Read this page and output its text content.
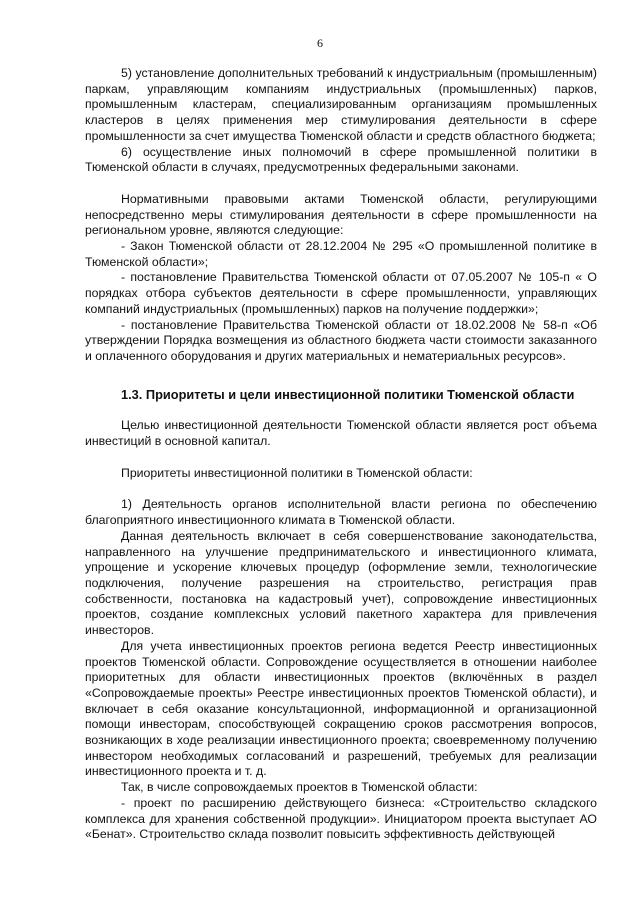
6

5) установление дополнительных требований к индустриальным (промышленным) паркам, управляющим компаниям индустриальных (промышленных) парков, промышленным кластерам, специализированным организациям промышленных кластеров в целях применения мер стимулирования деятельности в сфере промышленности за счет имущества Тюменской области и средств областного бюджета;

6) осуществление иных полномочий в сфере промышленной политики в Тюменской области в случаях, предусмотренных федеральными законами.

Нормативными правовыми актами Тюменской области, регулирующими непосредственно меры стимулирования деятельности в сфере промышленности на региональном уровне, являются следующие:

- Закон Тюменской области от 28.12.2004 № 295 «О промышленной политике в Тюменской области»;

- постановление Правительства Тюменской области от 07.05.2007 № 105-п « О порядках отбора субъектов деятельности в сфере промышленности, управляющих компаний индустриальных (промышленных) парков на получение поддержки»;

- постановление Правительства Тюменской области от 18.02.2008 № 58-п «Об утверждении Порядка возмещения из областного бюджета части стоимости заказанного и оплаченного оборудования и других материальных и нематериальных ресурсов».

1.3. Приоритеты и цели инвестиционной политики Тюменской области

Целью инвестиционной деятельности Тюменской области является рост объема инвестиций в основной капитал.

Приоритеты инвестиционной политики в Тюменской области:

1) Деятельность органов исполнительной власти региона по обеспечению благоприятного инвестиционного климата в Тюменской области.

Данная деятельность включает в себя совершенствование законодательства, направленного на улучшение предпринимательского и инвестиционного климата, упрощение и ускорение ключевых процедур (оформление земли, технологические подключения, получение разрешения на строительство, регистрация прав собственности, постановка на кадастровый учет), сопровождение инвестиционных проектов, создание комплексных условий пакетного характера для привлечения инвесторов.

Для учета инвестиционных проектов региона ведется Реестр инвестиционных проектов Тюменской области. Сопровождение осуществляется в отношении наиболее приоритетных для области инвестиционных проектов (включённых в раздел «Сопровождаемые проекты» Реестре инвестиционных проектов Тюменской области), и включает в себя оказание консультационной, информационной и организационной помощи инвесторам, способствующей сокращению сроков рассмотрения вопросов, возникающих в ходе реализации инвестиционного проекта; своевременному получению инвестором необходимых согласований и разрешений, требуемых для реализации инвестиционного проекта и т. д.

Так, в числе сопровождаемых проектов в Тюменской области:

- проект по расширению действующего бизнеса: «Строительство складского комплекса для хранения собственной продукции». Инициатором проекта выступает АО «Бенат». Строительство склада позволит повысить эффективность действующей
